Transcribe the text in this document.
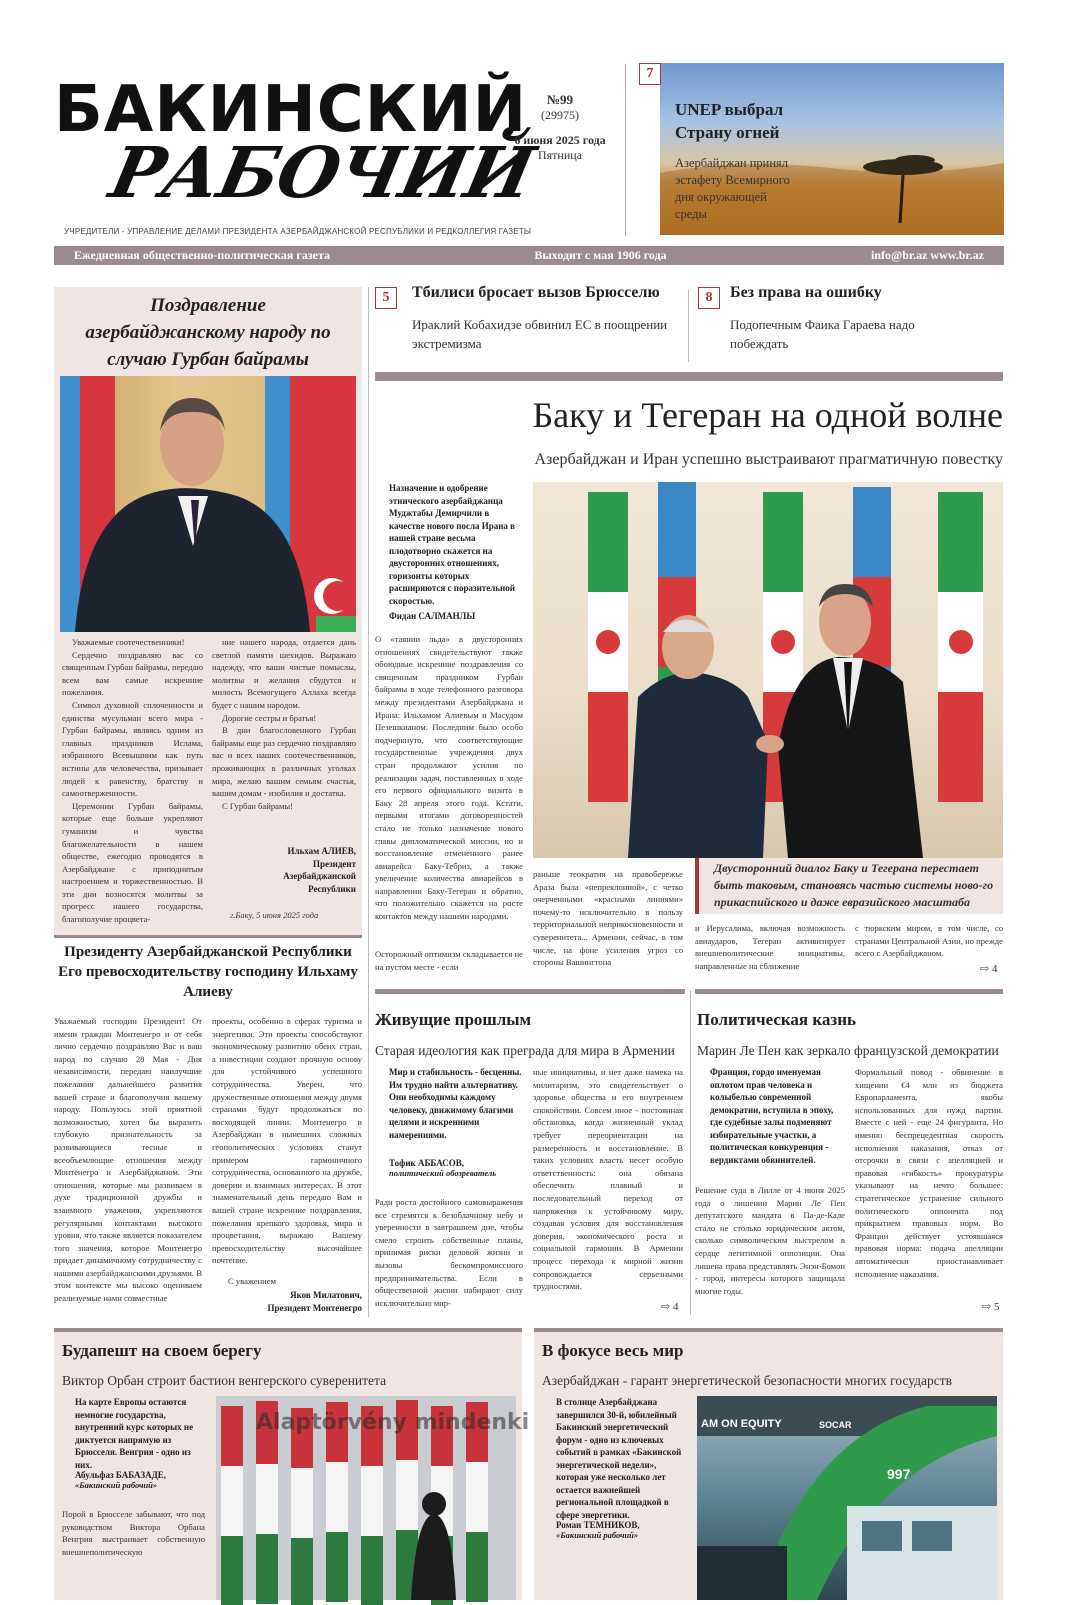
БАКИНСКИЙ
РАБОЧИЙ
№99
(29975)
6 июня 2025 года
Пятница
УЧРЕДИТЕЛИ - УПРАВЛЕНИЕ ДЕЛАМИ ПРЕЗИДЕНТА АЗЕРБАЙДЖАНСКОЙ РЕСПУБЛИКИ И РЕДКОЛЛЕГИЯ ГАЗЕТЫ
7
UNEP выбрал
Страну огней
Азербайджан принял эстафету Всемирного дня окружающей среды
Ежедневная общественно-политическая газета	Выходит с мая 1906 года	info@br.az www.br.az
Поздравление азербайджанскому народу по случаю Гурбан байрамы

Уважаемые соотечественники!

Сердечно поздравляю вас со священным Гурбан байрамы, передаю всем вам самые искренние пожелания.

Символ духовной сплоченности и единства мусульман всего мира - Гурбан байрамы, являясь одним из главных праздников Ислама, избранного Всевышним как путь истины для человечества, призывает людей к равенству, братству и самоотверженности.

Церемонии Гурбан байрамы, которые еще больше укрепляют гуманизм и чувства благожелательности в нашем обществе, ежегодно проводятся в Азербайджане с приподнятым настроением и торжественностью. В эти дни возносятся молитвы за прогресс нашего государства, благополучие процвета-

ние нашего народа, отдается дань светлой памяти шехидов. Выражаю надежду, что ваши чистые помыслы, молитвы и желания сбудутся и милость Всемогущего Аллаха всегда будет с нашим народом.

Дорогие сестры и братья!

В дни благословенного Гурбан байрамы еще раз сердечно поздравляю вас и всех наших соотечественников, проживающих в различных уголках мира, желаю вашим семьям счастья, вашим домам - изобилия и достатка.

С Гурбан байрамы!

Ильхам АЛИЕВ,
Президент Азербайджанской Республики
г.Баку, 5 июня 2025 года
5	Тбилиси бросает вызов Брюсселю
Ираклий Кобахидзе обвинил ЕС в поощрении экстремизма
8	Без права на ошибку
Подопечным Фаика Гараева надо побеждать
Баку и Тегеран на одной волне
Азербайджан и Иран успешно выстраивают прагматичную повестку
Назначение и одобрение этнического азербайджанца Муджтабы Демирчили в качестве нового посла Ирана в нашей стране весьма плодотворно скажется на двусторонних отношениях, горизонты которых расширяются с поразительной скоростью.
Фидан САЛМАНЛЫ
О «таянии льда» в двусторонних отношениях свидетельствуют также обоюдные искренние поздравления со священным праздником Гурбан байрамы в ходе телефонного разговора между президентами Азербайджана и Ирана: Ильхамом Алиевым и Масудом Пезешкианом. Последним было особо подчеркнуто, что соответствующие государственные учреждения двух стран продолжают усилия по реализации задач, поставленных в ходе его первого официального визита в Баку 28 апреля этого года. Кстати, первыми итогами договоренностей стало не только назначение нового главы дипломатической миссии, но и восстановление отмененного ранее авиарейса Баку-Тебриз, а также увеличение количества авиарейсов в направлении Баку-Тегеран и обратно, что положительно скажется на росте контактов между нашими народами.
Осторожный оптимизм складывается не на пустом месте - если
Двусторонний диалог Баку и Тегерана перестает быть таковым, становясь частью системы ново-го прикаспийского и даже евразийского масштаба
раньше теократия на правобережье Араза была «непреклонной», с четко очерченными «красными линиями» почему-то исключительно в пользу территориальной неприкосновенности и суверенитета... Армении, сейчас, в том числе, на фоне усиления угроз со стороны Вашингтона
и Иерусалима, включая возможность авиаударов, Тегеран активизирует внешнеполитические инициативы, направленные на сближение
с тюркским миром, в том числе, со странами Центральной Азии, но прежде всего с Азербайджаном.
⇨ 4
Президенту Азербайджанской Республики Его превосходительству господину Ильхаму Алиеву
Уважаемый господин Президент! От имени граждан Монтенегро и от себя лично сердечно поздравляю Вас и ваш народ по случаю 28 Мая - Дня независимости, передаю наилучшие пожелания дальнейшего развития вашей стране и благополучия вашему народу. Пользуюсь этой приятной возможностью, хотел бы выразить глубокую признательность за развивающиеся тесные и всеобъемлющие отношения между Монтенегро и Азербайджаном. Эти отношения, которые мы развиваем в духе традиционной дружбы и взаимного уважения, укрепляются регулярными контактами высокого уровня, что также является показателем того значения, которое Монтенегро придает динамичному сотрудничеству с нашими азербайджанскими друзьями. В этом контексте мы высоко оцениваем реализуемые нами совместные
проекты, особенно в сферах туризма и энергетики. Эти проекты способствуют экономическому развитию обеих стран, а инвестиции создают прочную основу для устойчивого успешного сотрудничества. Уверен, что дружественные отношения между двумя странами будут продолжаться по восходящей линии. Монтенегро и Азербайджан в нынешних сложных геополитических условиях станут примером гармоничного сотрудничества, основанного на дружбе, доверии и взаимных интересах. В этот знаменательный день передаю Вам и вашей стране искренние поздравления, пожелания крепкого здоровья, мира и процветания, выражаю Вашему превосходительству высочайшее почтение.
С уважением
Яков Милатович,
Президент Монтенегро
Живущие прошлым
Старая идеология как преграда для мира в Армении
Мир и стабильность - бесценны. Им трудно найти альтернативу. Они необходимы каждому человеку, движимому благими целями и искренними намерениями.
Тофик АББАСОВ,
политический обозреватель
Ради роста достойного самовыражения все стремятся к безоблачному небу и уверенности в завтрашнем дне, чтобы смело строить собственные планы, принимая риски деловой жизни и вызовы бескомпромиссного предпринимательства. Если в общественной жизни набирают силу исключительно мир-
ные инициативы, и нет даже намека на милитаризм, это свидетельствует о здоровье общества и его внутреннем спокойствии. Совсем иное - постоянная обстановка, когда жизненный уклад требует переориентации на размеренность и восстановление. В таких условиях власть несет особую ответственность: она обязана обеспечить плавный и последовательный переход от напряжения к устойчивому миру, создавая условия для восстановления доверия, экономического роста и социальной гармонии. В Армении процесс перехода к мирной жизни сопровождается серьезными трудностями.
⇨ 4
Политическая казнь
Марин Ле Пен как зеркало французской демократии
Франция, гордо именуемая оплотом прав человека и колыбелью современной демократии, вступила в эпоху, где судебные залы подменяют избирательные участки, а политическая конкуренция - вердиктами обвинителей.
Решение суда в Лилле от 4 июня 2025 года о лишении Марин Ле Пен депутатского мандата в Па-де-Кале стало не столько юридическим актом, сколько символическим выстрелом в сердце легитимной оппозиции. Она лишена права представлять Энэн-Бомон - город, интересы которого защищала многие годы.
Формальный повод - обвинение в хищении €4 млн из бюджета Европарламента, якобы использованных для нужд партии. Вместе с ней - еще 24 фигуранта. Но именно беспрецедентная скорость исполнения наказания, отказ от отсрочки в связи с апелляцией и правовая «гибкость» прокуратуры указывают на нечто большее: стратегическое устранение сильного политического оппонента под прикрытием правовых норм. Во Франции действует устоявшаяся правовая норма: подача апелляции автоматически приостанавливает исполнение наказания.
⇨ 5
Будапешт на своем берегу
Виктор Орбан строит бастион венгерского суверенитета
На карте Европы остаются немногие государства, внутренний курс которых не диктуется напрямую из Брюсселя. Венгрия - одно из них.
Абульфаз БАБАЗАДЕ,
«Бакинский рабочий»
Порой в Брюсселе забывают, что под руководством Виктора Орбана Венгрия выстраивает собственную внешнеполитическую
Alaptörvény mindenki
В фокусе весь мир
Азербайджан - гарант энергетической безопасности многих государств
В столице Азербайджана завершился 30-й, юбилейный Бакинский энергетический форум - одно из ключевых событий в рамках «Бакинской энергетической недели», которая уже несколько лет остается важнейшей региональной площадкой в сфере энергетики.
Роман ТЕМНИКОВ,
«Бакинский рабочий»
AM ON EQUITY	SOCAR
997
